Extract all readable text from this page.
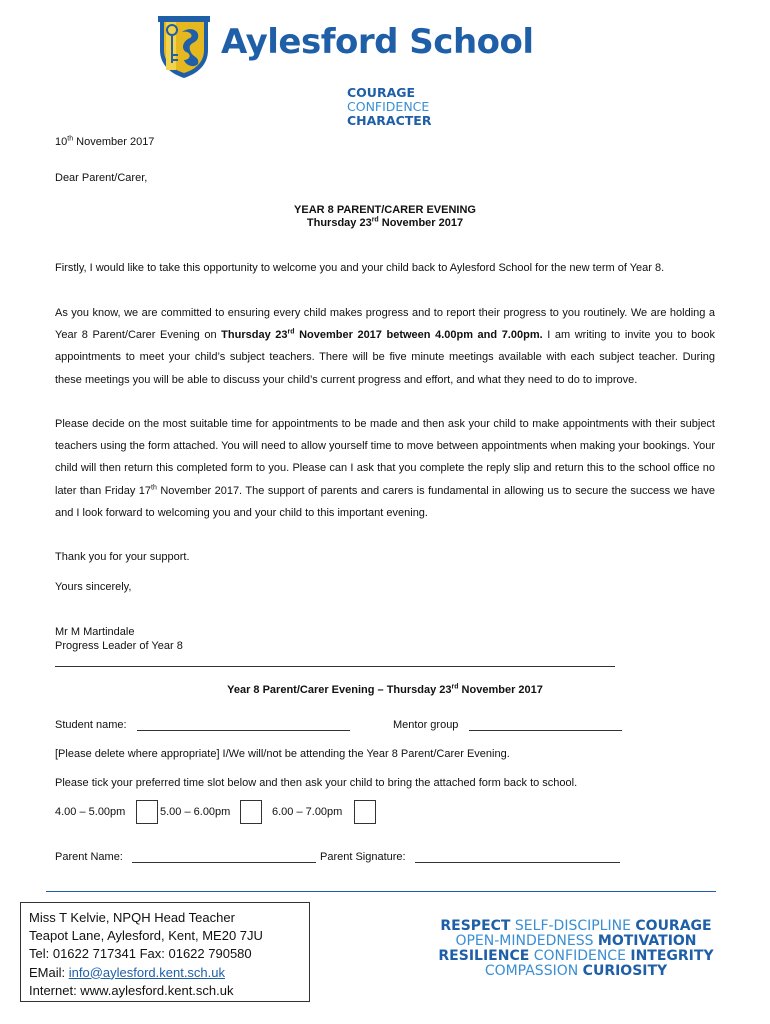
Aylesford School
COURAGE
CONFIDENCE
CHARACTER
10th November 2017
Dear Parent/Carer,
YEAR 8 PARENT/CARER EVENING
Thursday 23rd November 2017
Firstly, I would like to take this opportunity to welcome you and your child back to Aylesford School for the new term of Year 8.
As you know, we are committed to ensuring every child makes progress and to report their progress to you routinely. We are holding a Year 8 Parent/Carer Evening on Thursday 23rd November 2017 between 4.00pm and 7.00pm. I am writing to invite you to book appointments to meet your child’s subject teachers. There will be five minute meetings available with each subject teacher. During these meetings you will be able to discuss your child’s current progress and effort, and what they need to do to improve.
Please decide on the most suitable time for appointments to be made and then ask your child to make appointments with their subject teachers using the form attached. You will need to allow yourself time to move between appointments when making your bookings. Your child will then return this completed form to you. Please can I ask that you complete the reply slip and return this to the school office no later than Friday 17th November 2017. The support of parents and carers is fundamental in allowing us to secure the success we have and I look forward to welcoming you and your child to this important evening.
Thank you for your support.
Yours sincerely,
Mr M Martindale
Progress Leader of Year 8
Year 8 Parent/Carer Evening – Thursday 23rd November 2017
Student name:	Mentor group
[Please delete where appropriate] I/We will/not be attending the Year 8 Parent/Carer Evening.
Please tick your preferred time slot below and then ask your child to bring the attached form back to school.
4.00 – 5.00pm	5.00 – 6.00pm	6.00 – 7.00pm
Parent Name:	Parent Signature:
Miss T Kelvie, NPQH Head Teacher
Teapot Lane, Aylesford, Kent, ME20 7JU
Tel: 01622 717341 Fax: 01622 790580
EMail: info@aylesford.kent.sch.uk
Internet: www.aylesford.kent.sch.uk
RESPECT SELF-DISCIPLINE COURAGE
OPEN-MINDEDNESS MOTIVATION
RESILIENCE CONFIDENCE INTEGRITY
COMPASSION CURIOSITY
